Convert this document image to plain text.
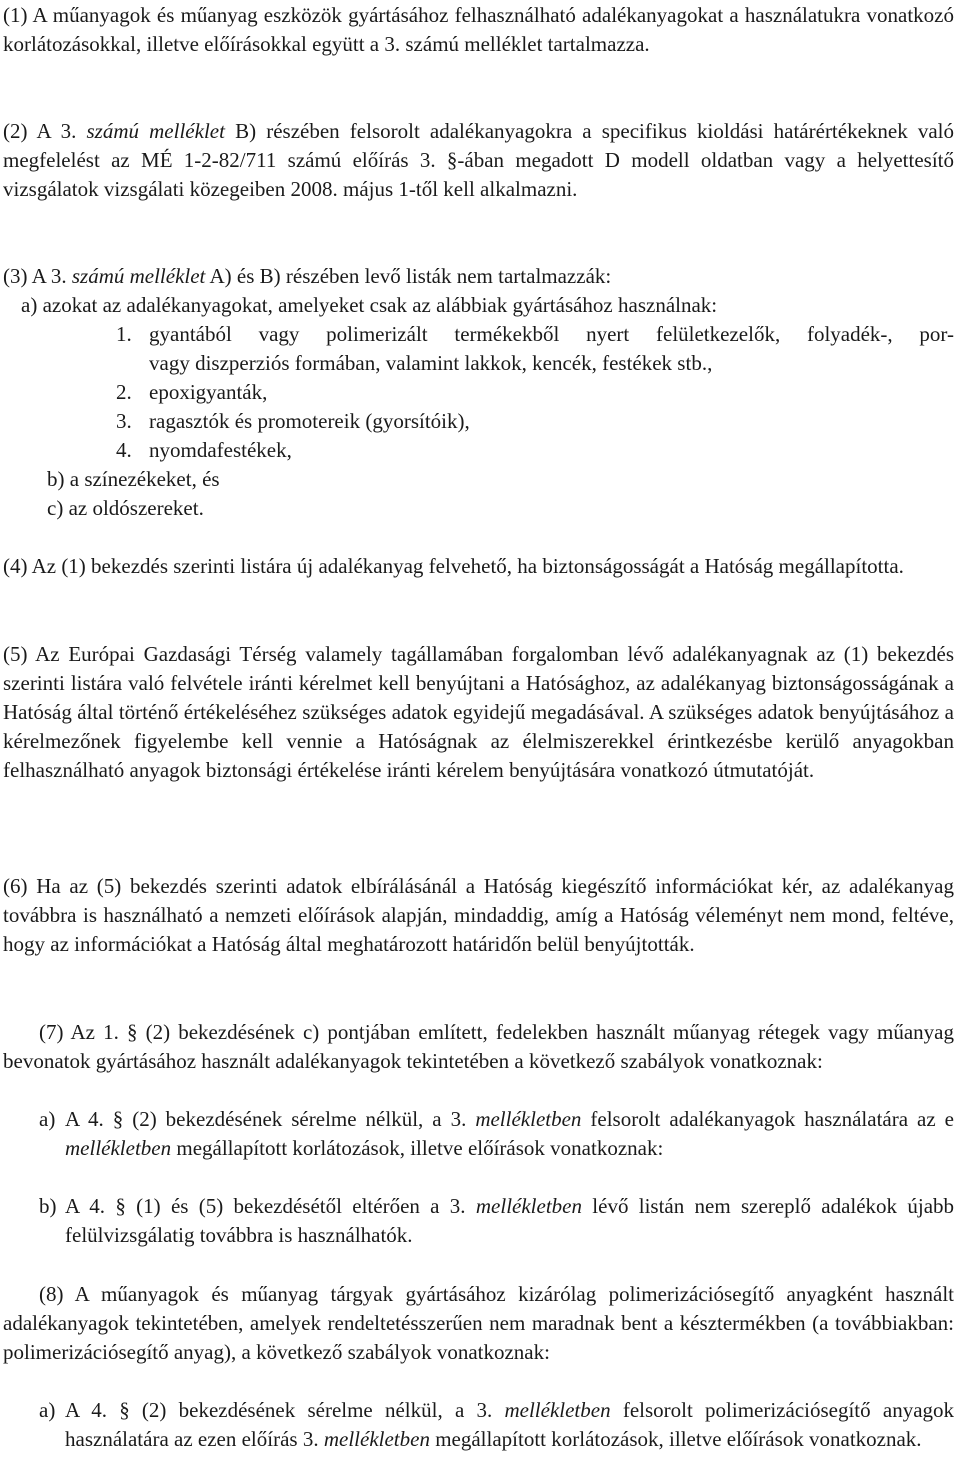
(1) A műanyagok és műanyag eszközök gyártásához felhasználható adalékanyagokat a használatukra vonatkozó korlátozásokkal, illetve előírásokkal együtt a 3. számú melléklet tartalmazza.

(2) A 3. számú melléklet B) részében felsorolt adalékanyagokra a specifikus kioldási határértékeknek való megfelelést az MÉ 1-2-82/711 számú előírás 3. §-ában megadott D modell oldatban vagy a helyettesítő vizsgálatok vizsgálati közegeiben 2008. május 1-től kell alkalmazni.

(3) A 3. számú melléklet A) és B) részében levő listák nem tartalmazzák:
a) azokat az adalékanyagokat, amelyeket csak az alábbiak gyártásához használnak:
1. gyantából vagy polimerizált termékekből nyert felületkezelők, folyadék-, por-
vagy diszperziós formában, valamint lakkok, kencék, festékek stb.,
2. epoxigyanták,
3. ragasztók és promotereik (gyorsítóik),
4. nyomdafestékek,
b) a színezékeket, és
c) az oldószereket.

(4) Az (1) bekezdés szerinti listára új adalékanyag felvehető, ha biztonságosságát a Hatóság megállapította.

(5) Az Európai Gazdasági Térség valamely tagállamában forgalomban lévő adalékanyagnak az (1) bekezdés szerinti listára való felvétele iránti kérelmet kell benyújtani a Hatósághoz, az adalékanyag biztonságosságának a Hatóság által történő értékeléséhez szükséges adatok egyidejű megadásával. A szükséges adatok benyújtásához a kérelmezőnek figyelembe kell vennie a Hatóságnak az élelmiszerekkel érintkezésbe kerülő anyagokban felhasználható anyagok biztonsági értékelése iránti kérelem benyújtására vonatkozó útmutatóját.

(6) Ha az (5) bekezdés szerinti adatok elbírálásánál a Hatóság kiegészítő információkat kér, az adalékanyag továbbra is használható a nemzeti előírások alapján, mindaddig, amíg a Hatóság véleményt nem mond, feltéve, hogy az információkat a Hatóság által meghatározott határidőn belül benyújtották.

(7) Az 1. § (2) bekezdésének c) pontjában említett, fedelekben használt műanyag rétegek vagy műanyag bevonatok gyártásához használt adalékanyagok tekintetében a következő szabályok vonatkoznak:

a) A 4. § (2) bekezdésének sérelme nélkül, a 3. mellékletben felsorolt adalékanyagok használatára az e mellékletben megállapított korlátozások, illetve előírások vonatkoznak:

b) A 4. § (1) és (5) bekezdésétől eltérően a 3. mellékletben lévő listán nem szereplő adalékok újabb felülvizsgálatig továbbra is használhatók.

(8) A műanyagok és műanyag tárgyak gyártásához kizárólag polimerizációsegítő anyagként használt adalékanyagok tekintetében, amelyek rendeltetésszerűen nem maradnak bent a késztermékben (a továbbiakban: polimerizációsegítő anyag), a következő szabályok vonatkoznak:

a) A 4. § (2) bekezdésének sérelme nélkül, a 3. mellékletben felsorolt polimerizációsegítő anyagok használatára az ezen előírás 3. mellékletben megállapított korlátozások, illetve előírások vonatkoznak.
